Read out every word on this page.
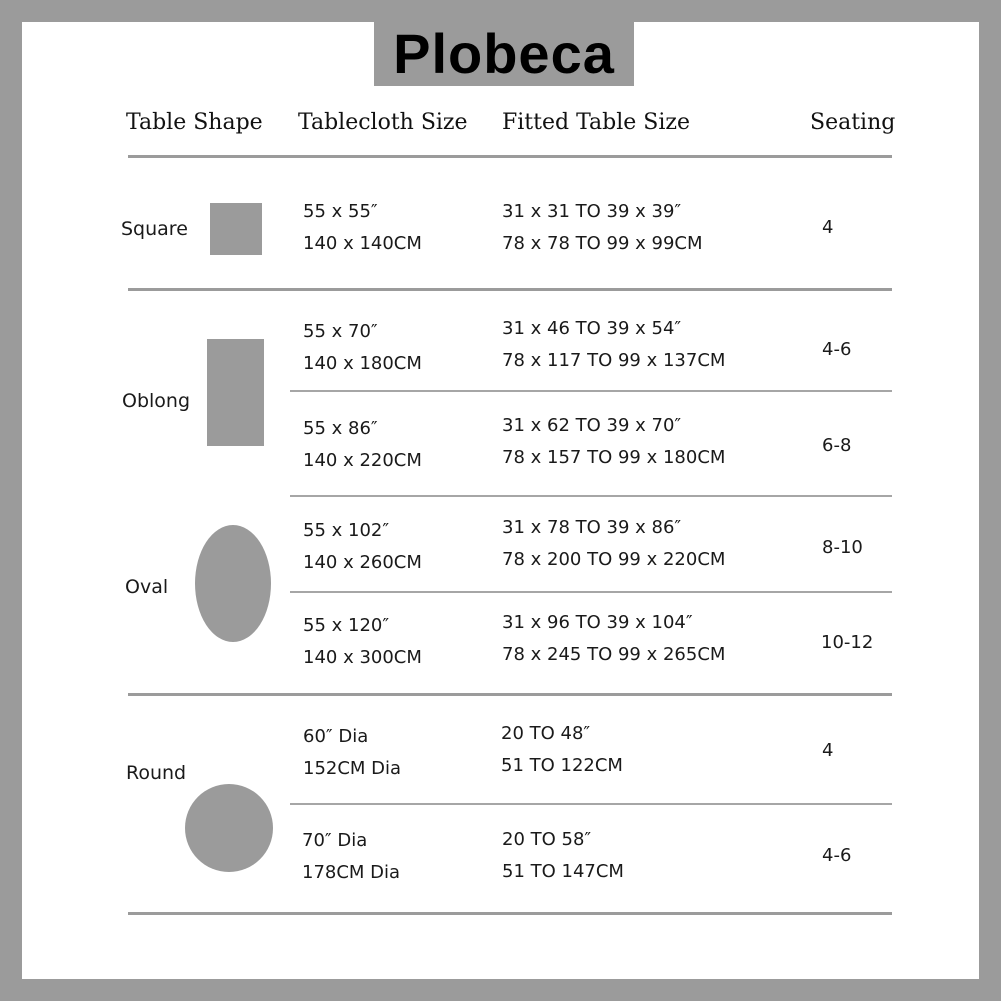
Plobeca
Table Shape Tablecloth Size Fitted Table Size	Seating
Square
Oblong
Oval
Round
55 x 55″
140 x 140CM
31 x 31 TO 39 x 39″
78 x 78 TO 99 x 99CM
4
55 x 70″
140 x 180CM
31 x 46 TO 39 x 54″
78 x 117 TO 99 x 137CM
4-6
55 x 86″
140 x 220CM
31 x 62 TO 39 x 70″
78 x 157 TO 99 x 180CM
6-8
55 x 102″
140 x 260CM
31 x 78 TO 39 x 86″
78 x 200 TO 99 x 220CM
8-10
55 x 120″
140 x 300CM
31 x 96 TO 39 x 104″
78 x 245 TO 99 x 265CM
10-12
60″ Dia
152CM Dia
20 TO 48″
51 TO 122CM
4
70″ Dia
178CM Dia
20 TO 58″
51 TO 147CM
4-6
